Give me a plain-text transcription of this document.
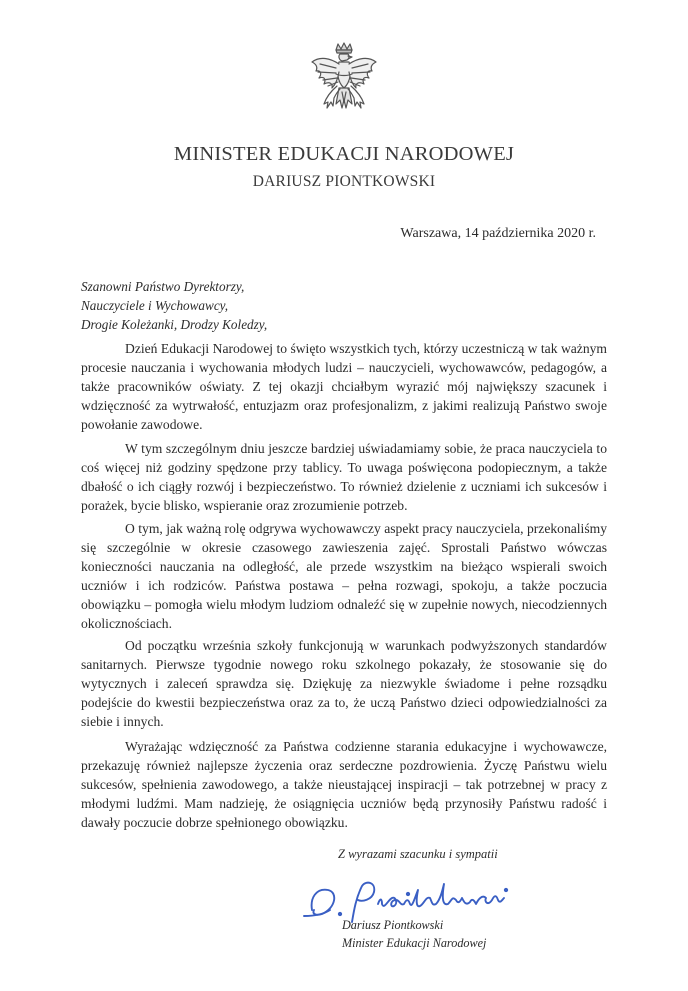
MINISTER EDUKACJI NARODOWEJ
DARIUSZ PIONTKOWSKI
Warszawa, 14 października 2020 r.
Szanowni Państwo Dyrektorzy,
Nauczyciele i Wychowawcy,
Drogie Koleżanki, Drodzy Koledzy,
Dzień Edukacji Narodowej to święto wszystkich tych, którzy uczestniczą w tak ważnym procesie nauczania i wychowania młodych ludzi – nauczycieli, wychowawców, pedagogów, a także pracowników oświaty. Z tej okazji chciałbym wyrazić mój największy szacunek i wdzięczność za wytrwałość, entuzjazm oraz profesjonalizm, z jakimi realizują Państwo swoje powołanie zawodowe.
W tym szczególnym dniu jeszcze bardziej uświadamiamy sobie, że praca nauczyciela to coś więcej niż godziny spędzone przy tablicy. To uwaga poświęcona podopiecznym, a także dbałość o ich ciągły rozwój i bezpieczeństwo. To również dzielenie z uczniami ich sukcesów i porażek, bycie blisko, wspieranie oraz zrozumienie potrzeb.
O tym, jak ważną rolę odgrywa wychowawczy aspekt pracy nauczyciela, przekonaliśmy się szczególnie w okresie czasowego zawieszenia zajęć. Sprostali Państwo wówczas konieczności nauczania na odległość, ale przede wszystkim na bieżąco wspierali swoich uczniów i ich rodziców. Państwa postawa – pełna rozwagi, spokoju, a także poczucia obowiązku – pomogła wielu młodym ludziom odnaleźć się w zupełnie nowych, niecodziennych okolicznościach.
Od początku września szkoły funkcjonują w warunkach podwyższonych standardów sanitarnych. Pierwsze tygodnie nowego roku szkolnego pokazały, że stosowanie się do wytycznych i zaleceń sprawdza się. Dziękuję za niezwykle świadome i pełne rozsądku podejście do kwestii bezpieczeństwa oraz za to, że uczą Państwo dzieci odpowiedzialności za siebie i innych.
Wyrażając wdzięczność za Państwa codzienne starania edukacyjne i wychowawcze, przekazuję również najlepsze życzenia oraz serdeczne pozdrowienia. Życzę Państwu wielu sukcesów, spełnienia zawodowego, a także nieustającej inspiracji – tak potrzebnej w pracy z młodymi ludźmi. Mam nadzieję, że osiągnięcia uczniów będą przynosiły Państwu radość i dawały poczucie dobrze spełnionego obowiązku.
Z wyrazami szacunku i sympatii
Dariusz Piontkowski
Minister Edukacji Narodowej
